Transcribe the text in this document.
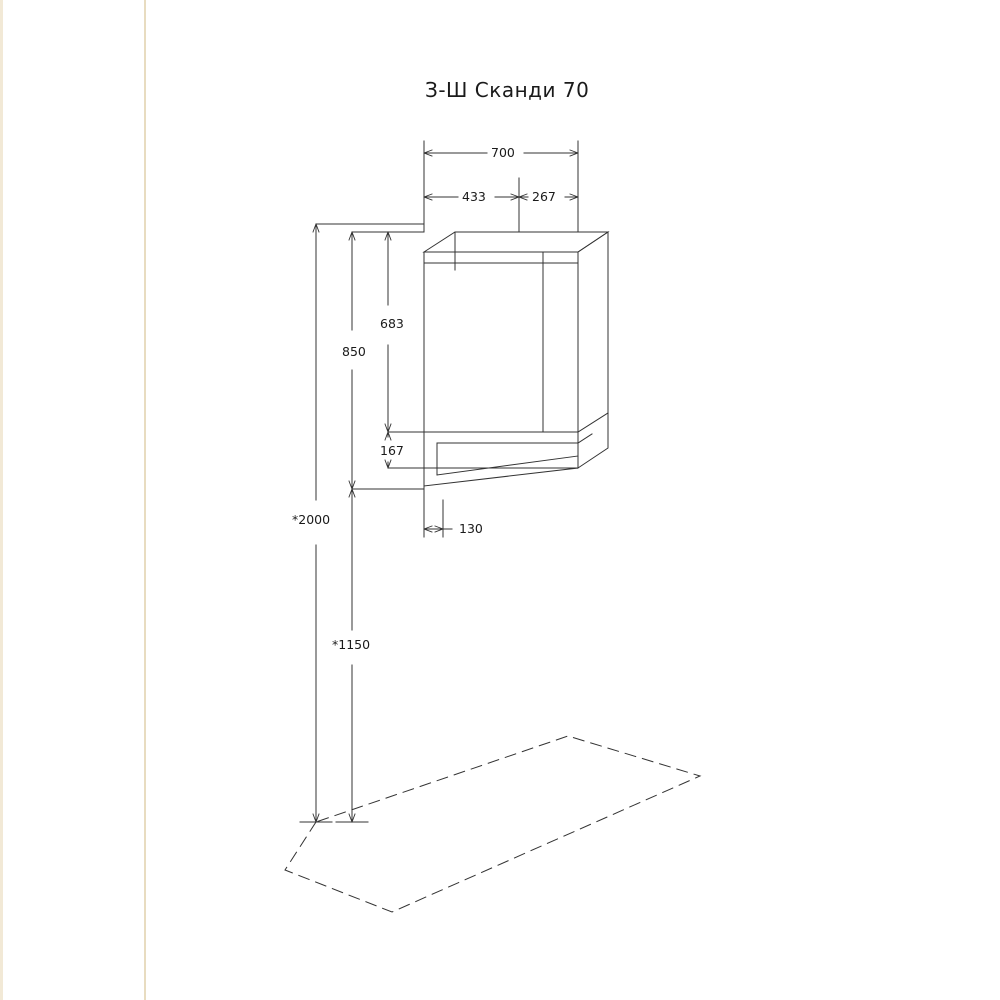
З-Ш Сканди 70
700
433	267
683
850
167
130
*2000
*1150
